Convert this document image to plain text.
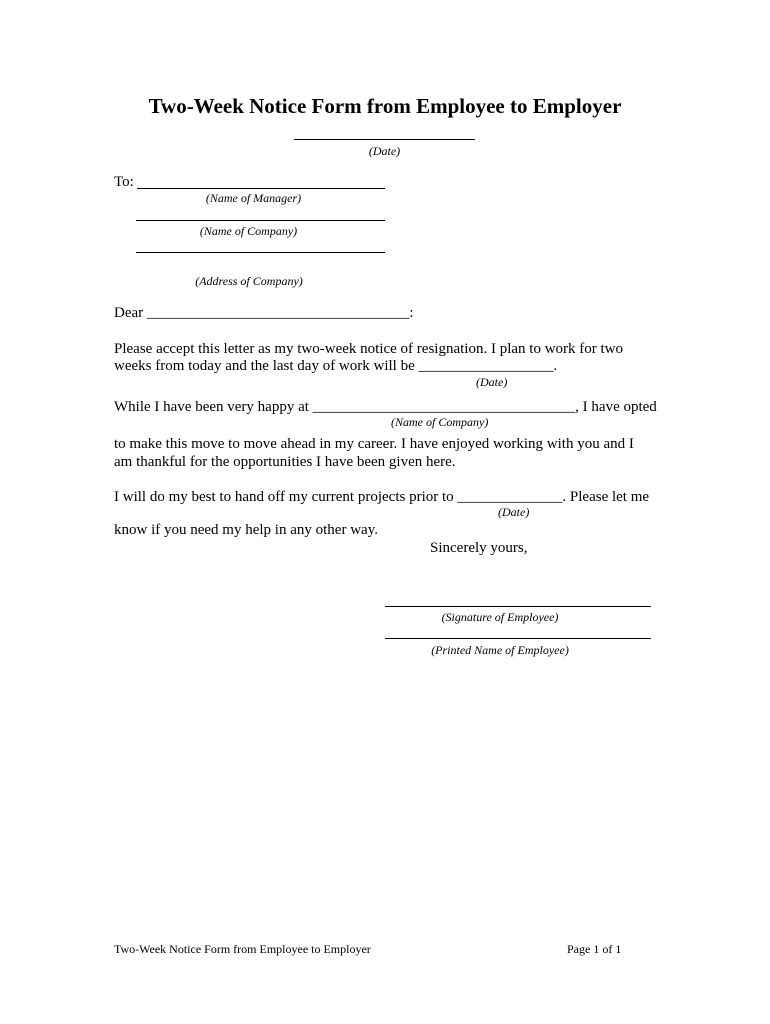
Two-Week Notice Form from Employee to Employer
(Date)
To:
(Name of Manager)
(Name of Company)
(Address of Company)
Dear ___________________________________:
Please accept this letter as my two-week notice of resignation. I plan to work for two
weeks from today and the last day of work will be __________________.
(Date)
While I have been very happy at ___________________________________, I have opted
(Name of Company)
to make this move to move ahead in my career. I have enjoyed working with you and I
am thankful for the opportunities I have been given here.
I will do my best to hand off my current projects prior to ______________. Please let me
(Date)
know if you need my help in any other way.
Sincerely yours,
(Signature of Employee)
(Printed Name of Employee)
Two-Week Notice Form from Employee to Employer	Page 1 of 1
